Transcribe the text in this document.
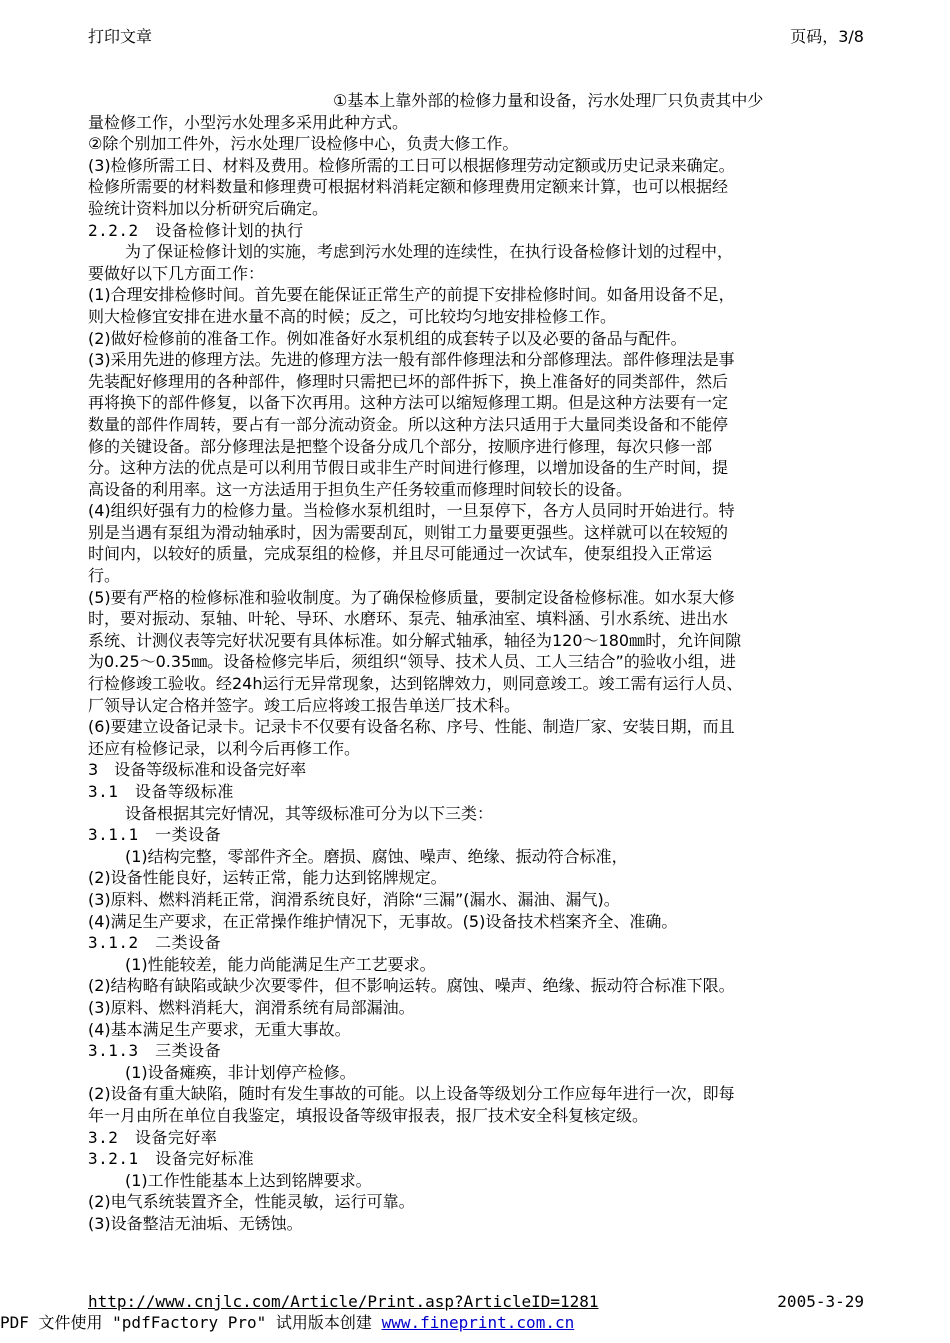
打印文章	页码，3/8

①基本上靠外部的检修力量和设备，污水处理厂只负责其中少

量检修工作，小型污水处理多采用此种方式。

②除个别加工件外，污水处理厂设检修中心，负责大修工作。

(3)检修所需工日、材料及费用。检修所需的工日可以根据修理劳动定额或历史记录来确定。

检修所需要的材料数量和修理费可根据材料消耗定额和修理费用定额来计算，也可以根据经

验统计资料加以分析研究后确定。

2.2.2　设备检修计划的执行

为了保证检修计划的实施，考虑到污水处理的连续性，在执行设备检修计划的过程中，

要做好以下几方面工作：

(1)合理安排检修时间。首先要在能保证正常生产的前提下安排检修时间。如备用设备不足，

则大检修宜安排在进水量不高的时候；反之，可比较均匀地安排检修工作。

(2)做好检修前的准备工作。例如准备好水泵机组的成套转子以及必要的备品与配件。

(3)采用先进的修理方法。先进的修理方法一般有部件修理法和分部修理法。部件修理法是事

先装配好修理用的各种部件，修理时只需把已坏的部件拆下，换上准备好的同类部件，然后

再将换下的部件修复，以备下次再用。这种方法可以缩短修理工期。但是这种方法要有一定

数量的部件作周转，要占有一部分流动资金。所以这种方法只适用于大量同类设备和不能停

修的关键设备。部分修理法是把整个设备分成几个部分，按顺序进行修理，每次只修一部

分。这种方法的优点是可以利用节假日或非生产时间进行修理，以增加设备的生产时间，提

高设备的利用率。这一方法适用于担负生产任务较重而修理时间较长的设备。

(4)组织好强有力的检修力量。当检修水泵机组时，一旦泵停下，各方人员同时开始进行。特

别是当遇有泵组为滑动轴承时，因为需要刮瓦，则钳工力量要更强些。这样就可以在较短的

时间内，以较好的质量，完成泵组的检修，并且尽可能通过一次试车，使泵组投入正常运

行。

(5)要有严格的检修标准和验收制度。为了确保检修质量，要制定设备检修标准。如水泵大修

时，要对振动、泵轴、叶轮、导环、水磨环、泵壳、轴承油室、填料涵、引水系统、进出水

系统、计测仪表等完好状况要有具体标准。如分解式轴承，轴径为120～180㎜时，允许间隙

为0.25～0.35㎜。设备检修完毕后，须组织“领导、技术人员、工人三结合”的验收小组，进

行检修竣工验收。经24h运行无异常现象，达到铭牌效力，则同意竣工。竣工需有运行人员、

厂领导认定合格并签字。竣工后应将竣工报告单送厂技术科。

(6)要建立设备记录卡。记录卡不仅要有设备名称、序号、性能、制造厂家、安装日期，而且

还应有检修记录，以利今后再修工作。

3　设备等级标准和设备完好率

3.1　设备等级标准

设备根据其完好情况，其等级标准可分为以下三类：

3.1.1　一类设备

(1)结构完整，零部件齐全。磨损、腐蚀、噪声、绝缘、振动符合标准，

(2)设备性能良好，运转正常，能力达到铭牌规定。

(3)原料、燃料消耗正常，润滑系统良好，消除“三漏”(漏水、漏油、漏气)。

(4)满足生产要求，在正常操作维护情况下，无事故。(5)设备技术档案齐全、准确。

3.1.2　二类设备

(1)性能较差，能力尚能满足生产工艺要求。

(2)结构略有缺陷或缺少次要零件，但不影响运转。腐蚀、噪声、绝缘、振动符合标准下限。

(3)原料、燃料消耗大，润滑系统有局部漏油。

(4)基本满足生产要求，无重大事故。

3.1.3　三类设备

(1)设备瘫痪，非计划停产检修。

(2)设备有重大缺陷，随时有发生事故的可能。以上设备等级划分工作应每年进行一次，即每

年一月由所在单位自我鉴定，填报设备等级审报表，报厂技术安全科复核定级。

3.2　设备完好率

3.2.1　设备完好标准

(1)工作性能基本上达到铭牌要求。

(2)电气系统装置齐全，性能灵敏，运行可靠。

(3)设备整洁无油垢、无锈蚀。

http://www.cnjlc.com/Article/Print.asp?ArticleID=1281	2005-3-29
PDF 文件使用 "pdfFactory Pro" 试用版本创建 www.fineprint.com.cn
